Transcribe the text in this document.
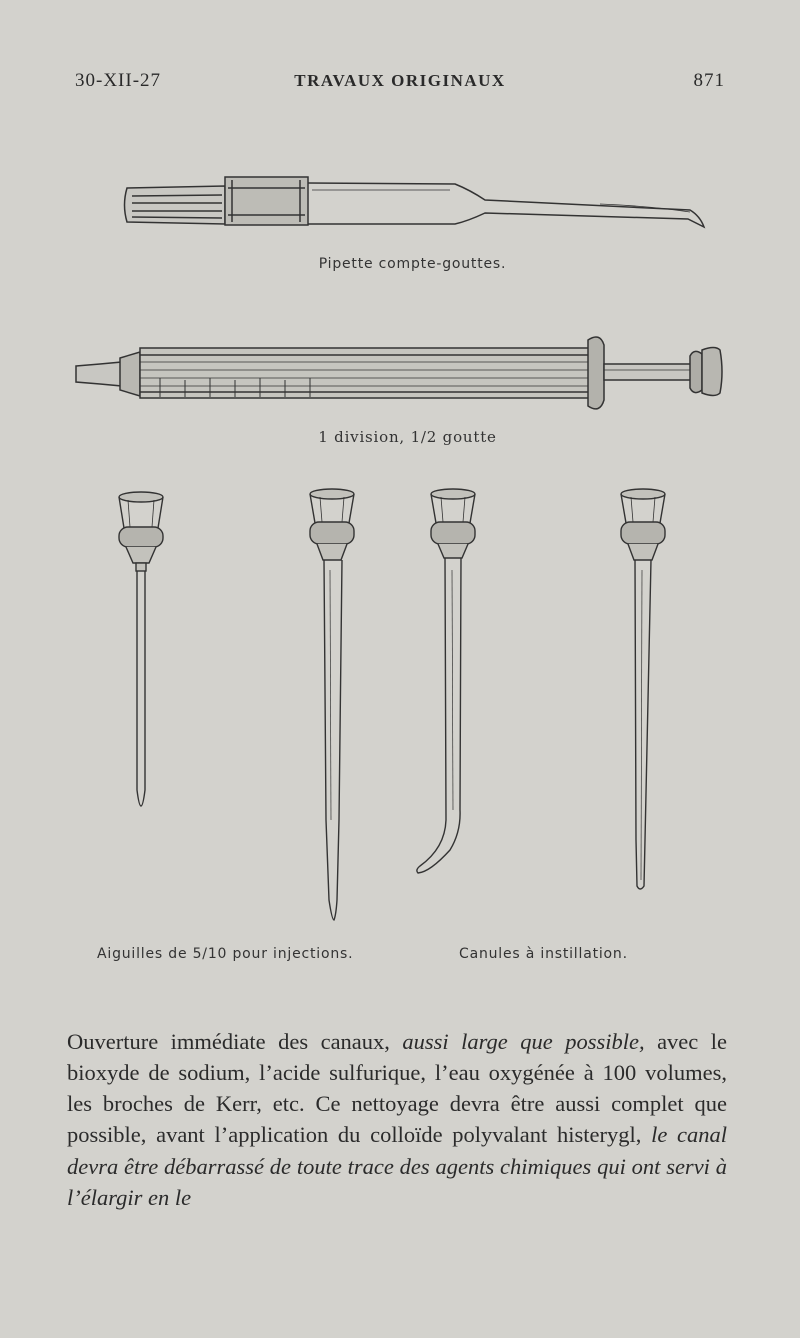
30-XII-27	TRAVAUX ORIGINAUX	871
Pipette compte-gouttes.
1 division, 1/2 goutte
Aiguilles de 5/10 pour injections.	Canules à instillation.

Ouverture immédiate des canaux, aussi large que possible, avec le bioxyde de sodium, l’acide sulfurique, l’eau oxygénée à 100 volumes, les broches de Kerr, etc. Ce nettoyage devra être aussi complet que possible, avant l’application du colloïde polyvalant histerygl, le canal devra être débarrassé de toute trace des agents chimiques qui ont servi à l’élargir en le
